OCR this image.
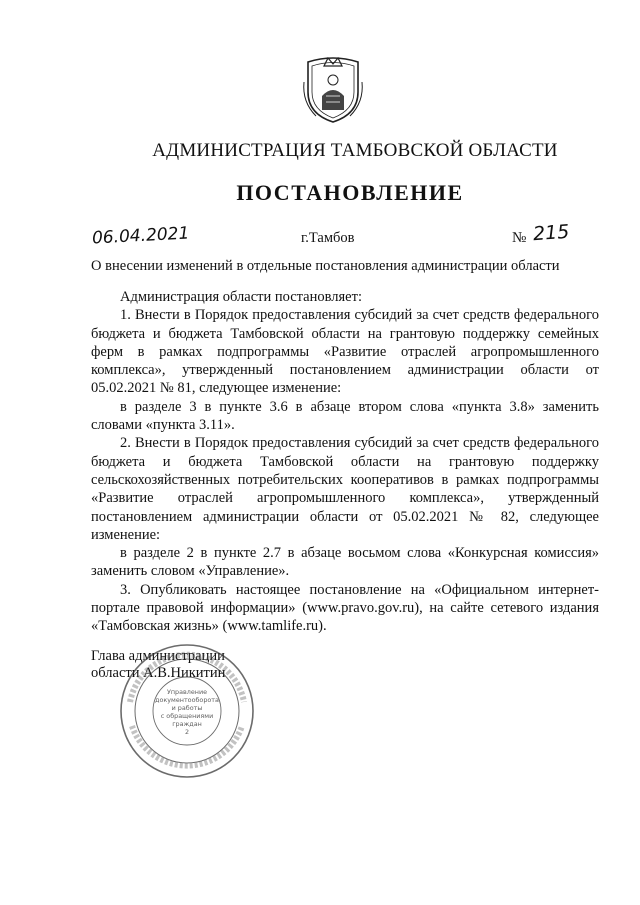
АДМИНИСТРАЦИЯ ТАМБОВСКОЙ ОБЛАСТИ
ПОСТАНОВЛЕНИЕ
06.04.2021	г.Тамбов	№ 215
О внесении изменений в отдельные постановления администрации области

Администрация области постановляет:

1. Внести в Порядок предоставления субсидий за счет средств федерального бюджета и бюджета Тамбовской области на грантовую поддержку семейных ферм в рамках подпрограммы «Развитие отраслей агропромышленного комплекса», утвержденный постановлением администрации области от 05.02.2021 № 81, следующее изменение:

в разделе 3 в пункте 3.6 в абзаце втором слова «пункта 3.8» заменить словами «пункта 3.11».

2. Внести в Порядок предоставления субсидий за счет средств федерального бюджета и бюджета Тамбовской области на грантовую поддержку сельскохозяйственных потребительских кооперативов в рамках подпрограммы «Развитие отраслей агропромышленного комплекса», утвержденный постановлением администрации области от 05.02.2021 № 82, следующее изменение:

в разделе 2 в пункте 2.7 в абзаце восьмом слова «Конкурсная комиссия» заменить словом «Управление».

3. Опубликовать настоящее постановление на «Официальном интернет-портале правовой информации» (www.pravo.gov.ru), на сайте сетевого издания «Тамбовская жизнь» (www.tamlife.ru).

Глава администрации
области А.В.Никитин
Управление
документооборота
и работы
с обращениями
граждан
2
